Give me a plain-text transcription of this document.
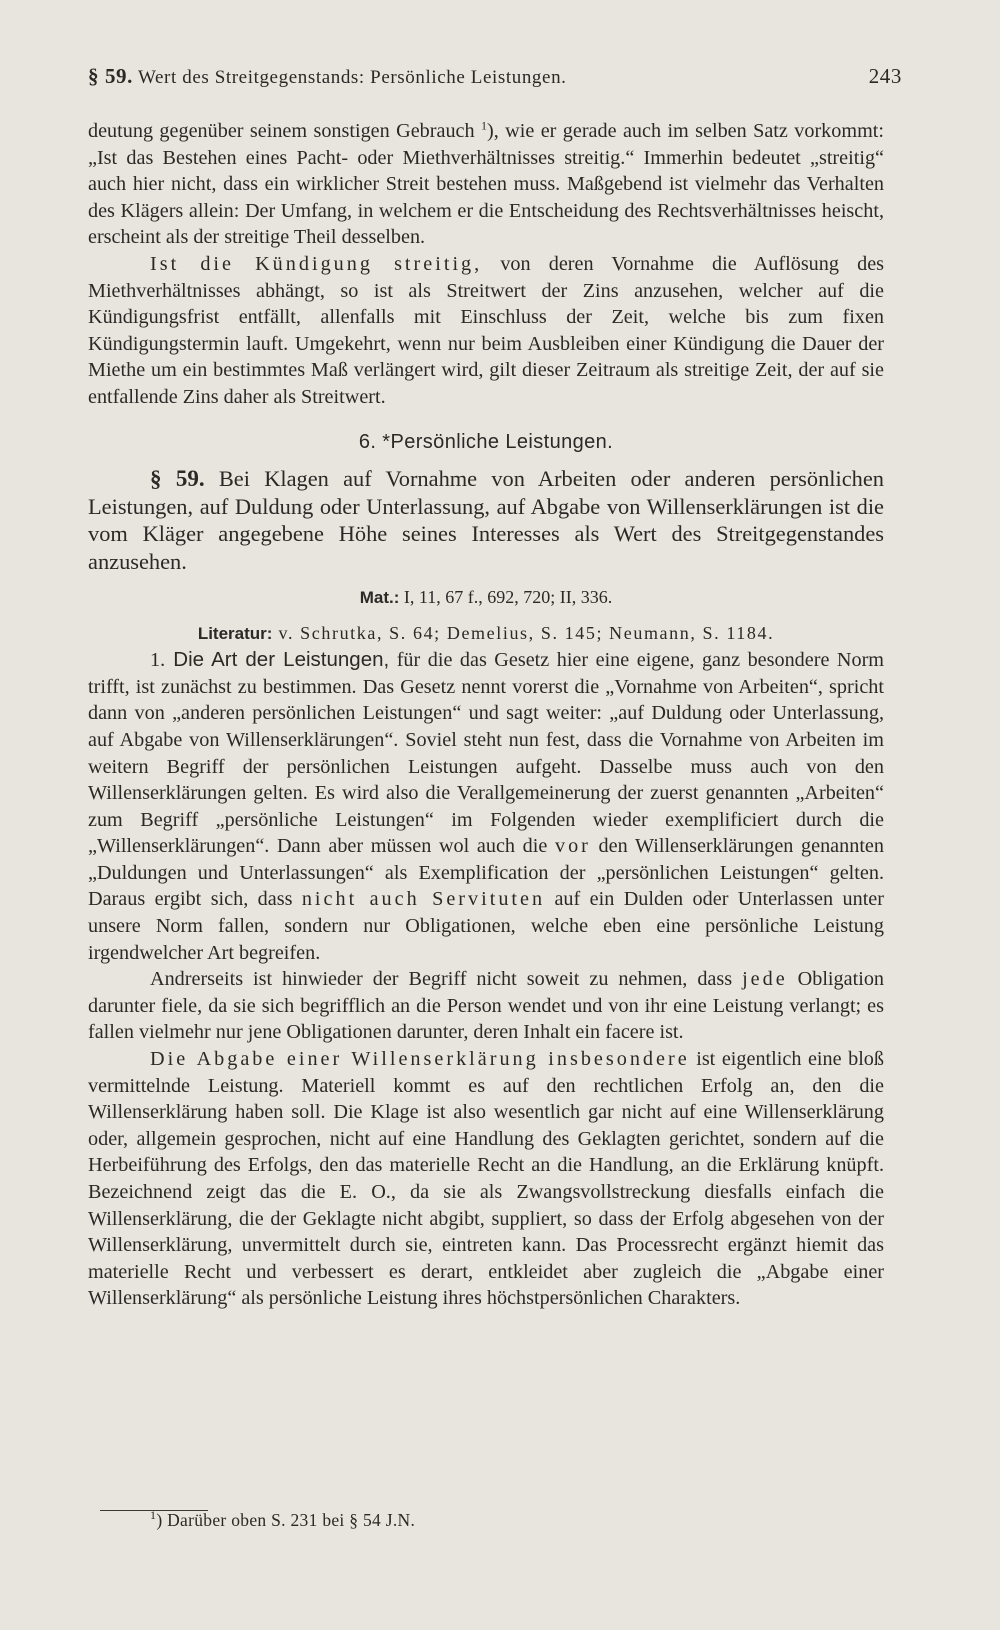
§ 59. Wert des Streitgegenstands: Persönliche Leistungen.	243

deutung gegenüber seinem sonstigen Gebrauch $^1$), wie er gerade auch im selben Satz vorkommt: „Ist das Bestehen eines Pacht- oder Miethverhältnisses streitig.“ Immerhin bedeutet „streitig“ auch hier nicht, dass ein wirklicher Streit bestehen muss. Maßgebend ist vielmehr das Verhalten des Klägers allein: Der Umfang, in welchem er die Entscheidung des Rechtsverhältnisses heischt, erscheint als der streitige Theil desselben.

Ist die Kündigung streitig, von deren Vornahme die Auflösung des Miethverhältnisses abhängt, so ist als Streitwert der Zins anzusehen, welcher auf die Kündigungsfrist entfällt, allenfalls mit Einschluss der Zeit, welche bis zum fixen Kündigungstermin lauft. Umgekehrt, wenn nur beim Ausbleiben einer Kündigung die Dauer der Miethe um ein bestimmtes Maß verlängert wird, gilt dieser Zeitraum als streitige Zeit, der auf sie entfallende Zins daher als Streitwert.

6. *Persönliche Leistungen.

§ 59. Bei Klagen auf Vornahme von Arbeiten oder anderen persönlichen Leistungen, auf Duldung oder Unterlassung, auf Abgabe von Willenserklärungen ist die vom Kläger angegebene Höhe seines Interesses als Wert des Streitgegenstandes anzusehen.

Mat.: I, 11, 67 f., 692, 720; II, 336.
Literatur: v. Schrutka, S. 64; Demelius, S. 145; Neumann, S. 1184.

1. Die Art der Leistungen, für die das Gesetz hier eine eigene, ganz besondere Norm trifft, ist zunächst zu bestimmen. Das Gesetz nennt vorerst die „Vornahme von Arbeiten“, spricht dann von „anderen persönlichen Leistungen“ und sagt weiter: „auf Duldung oder Unterlassung, auf Abgabe von Willenserklärungen“. Soviel steht nun fest, dass die Vornahme von Arbeiten im weitern Begriff der persönlichen Leistungen aufgeht. Dasselbe muss auch von den Willenserklärungen gelten. Es wird also die Verallgemeinerung der zuerst genannten „Arbeiten“ zum Begriff „persönliche Leistungen“ im Folgenden wieder exemplificiert durch die „Willenserklärungen“. Dann aber müssen wol auch die vor den Willenserklärungen genannten „Duldungen und Unterlassungen“ als Exemplification der „persönlichen Leistungen“ gelten. Daraus ergibt sich, dass nicht auch Servituten auf ein Dulden oder Unterlassen unter unsere Norm fallen, sondern nur Obligationen, welche eben eine persönliche Leistung irgendwelcher Art begreifen.

Andrerseits ist hinwieder der Begriff nicht soweit zu nehmen, dass jede Obligation darunter fiele, da sie sich begrifflich an die Person wendet und von ihr eine Leistung verlangt; es fallen vielmehr nur jene Obligationen darunter, deren Inhalt ein facere ist.

Die Abgabe einer Willenserklärung insbesondere ist eigentlich eine bloß vermittelnde Leistung. Materiell kommt es auf den rechtlichen Erfolg an, den die Willenserklärung haben soll. Die Klage ist also wesentlich gar nicht auf eine Willenserklärung oder, allgemein gesprochen, nicht auf eine Handlung des Geklagten gerichtet, sondern auf die Herbeiführung des Erfolgs, den das materielle Recht an die Handlung, an die Erklärung knüpft. Bezeichnend zeigt das die E. O., da sie als Zwangsvollstreckung diesfalls einfach die Willenserklärung, die der Geklagte nicht abgibt, suppliert, so dass der Erfolg abgesehen von der Willenserklärung, unvermittelt durch sie, eintreten kann. Das Processrecht ergänzt hiemit das materielle Recht und verbessert es derart, entkleidet aber zugleich die „Abgabe einer Willenserklärung“ als persönliche Leistung ihres höchstpersönlichen Charakters.

$^1$) Darüber oben S. 231 bei § 54 J.N.
